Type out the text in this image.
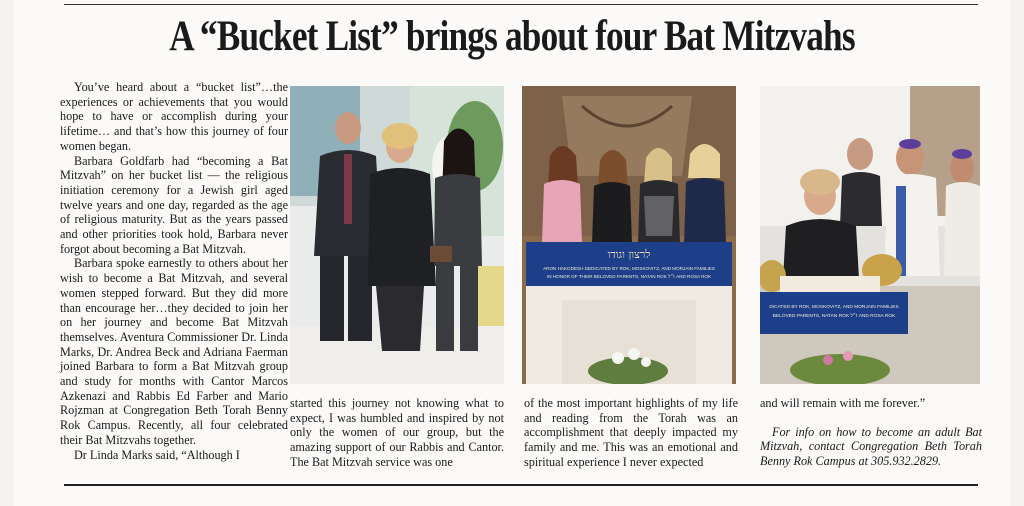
A “Bucket List” brings about four Bat Mitzvahs

You’ve heard about a “bucket list”…the experiences or achievements that you would hope to have or accomplish during your lifetime… and that’s how this journey of four women began.

Barbara Goldfarb had “becoming a Bat Mitzvah” on her bucket list — the religious initiation ceremony for a Jewish girl aged twelve years and one day, regarded as the age of religious maturity. But as the years passed and other priorities took hold, Barbara never forgot about becoming a Bat Mitzvah.

Barbara spoke earnestly to others about her wish to become a Bat Mitzvah, and several women stepped forward. But they did more than encourage her…they decided to join her on her journey and become Bat Mitzvah themselves. Aventura Commissioner Dr. Linda Marks, Dr. Andrea Beck and Adriana Faerman joined Barbara to form a Bat Mitzvah group and study for months with Cantor Marcos Azkenazi and Rabbis Ed Farber and Mario Rojzman at Congregation Beth Torah Benny Rok Campus. Recently, all four celebrated their Bat Mitzvahs together.

Dr Linda Marks said, “Although I

לרצון וגודו
ARON HAKODESH DEDICATED BY ROK, MOSKOVITZ, AND MORJAIN FAMILIES
IN HONOR OF THEIR BELOVED PARENTS, NATAN ROK ז״ל AND ROSA ROK
DICATED BY ROK, MOSKOVITZ, AND MORJAIN FAMILIES
BELOVED PARENTS, NATAN ROK ז״ל AND ROSA ROK
started this journey not knowing what to expect, I was humbled and inspired by not only the women of our group, but the amazing support of our Rabbis and Cantor. The Bat Mitzvah service was one
of the most important highlights of my life and reading from the Torah was an accomplishment that deeply impacted my family and me. This was an emotional and spiritual experience I never expected

and will remain with me forever.”

For info on how to become an adult Bat Mitzvah, contact Congregation Beth Torah Benny Rok Campus at 305.932.2829.
